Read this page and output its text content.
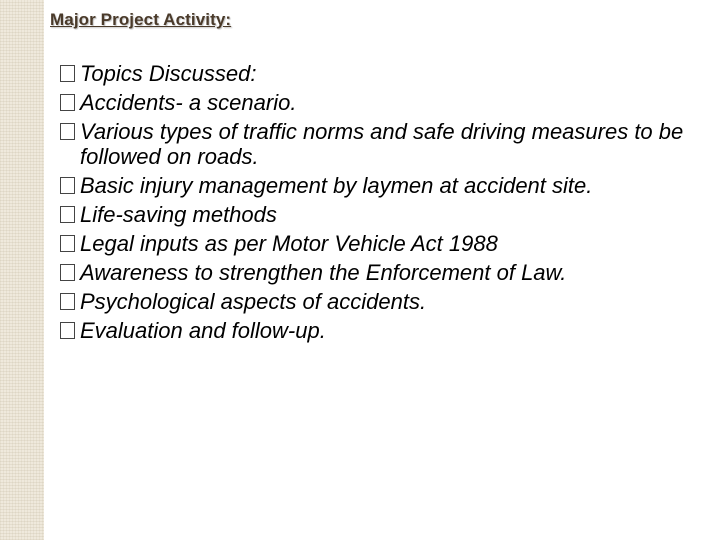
Major Project Activity:
Topics Discussed:
Accidents- a scenario.
Various types of traffic norms and safe driving measures to be followed on roads.
Basic injury management by laymen at accident site.
Life-saving methods
Legal inputs as per Motor Vehicle Act 1988
Awareness to strengthen the Enforcement of Law.
Psychological aspects of accidents.
Evaluation and follow-up.
